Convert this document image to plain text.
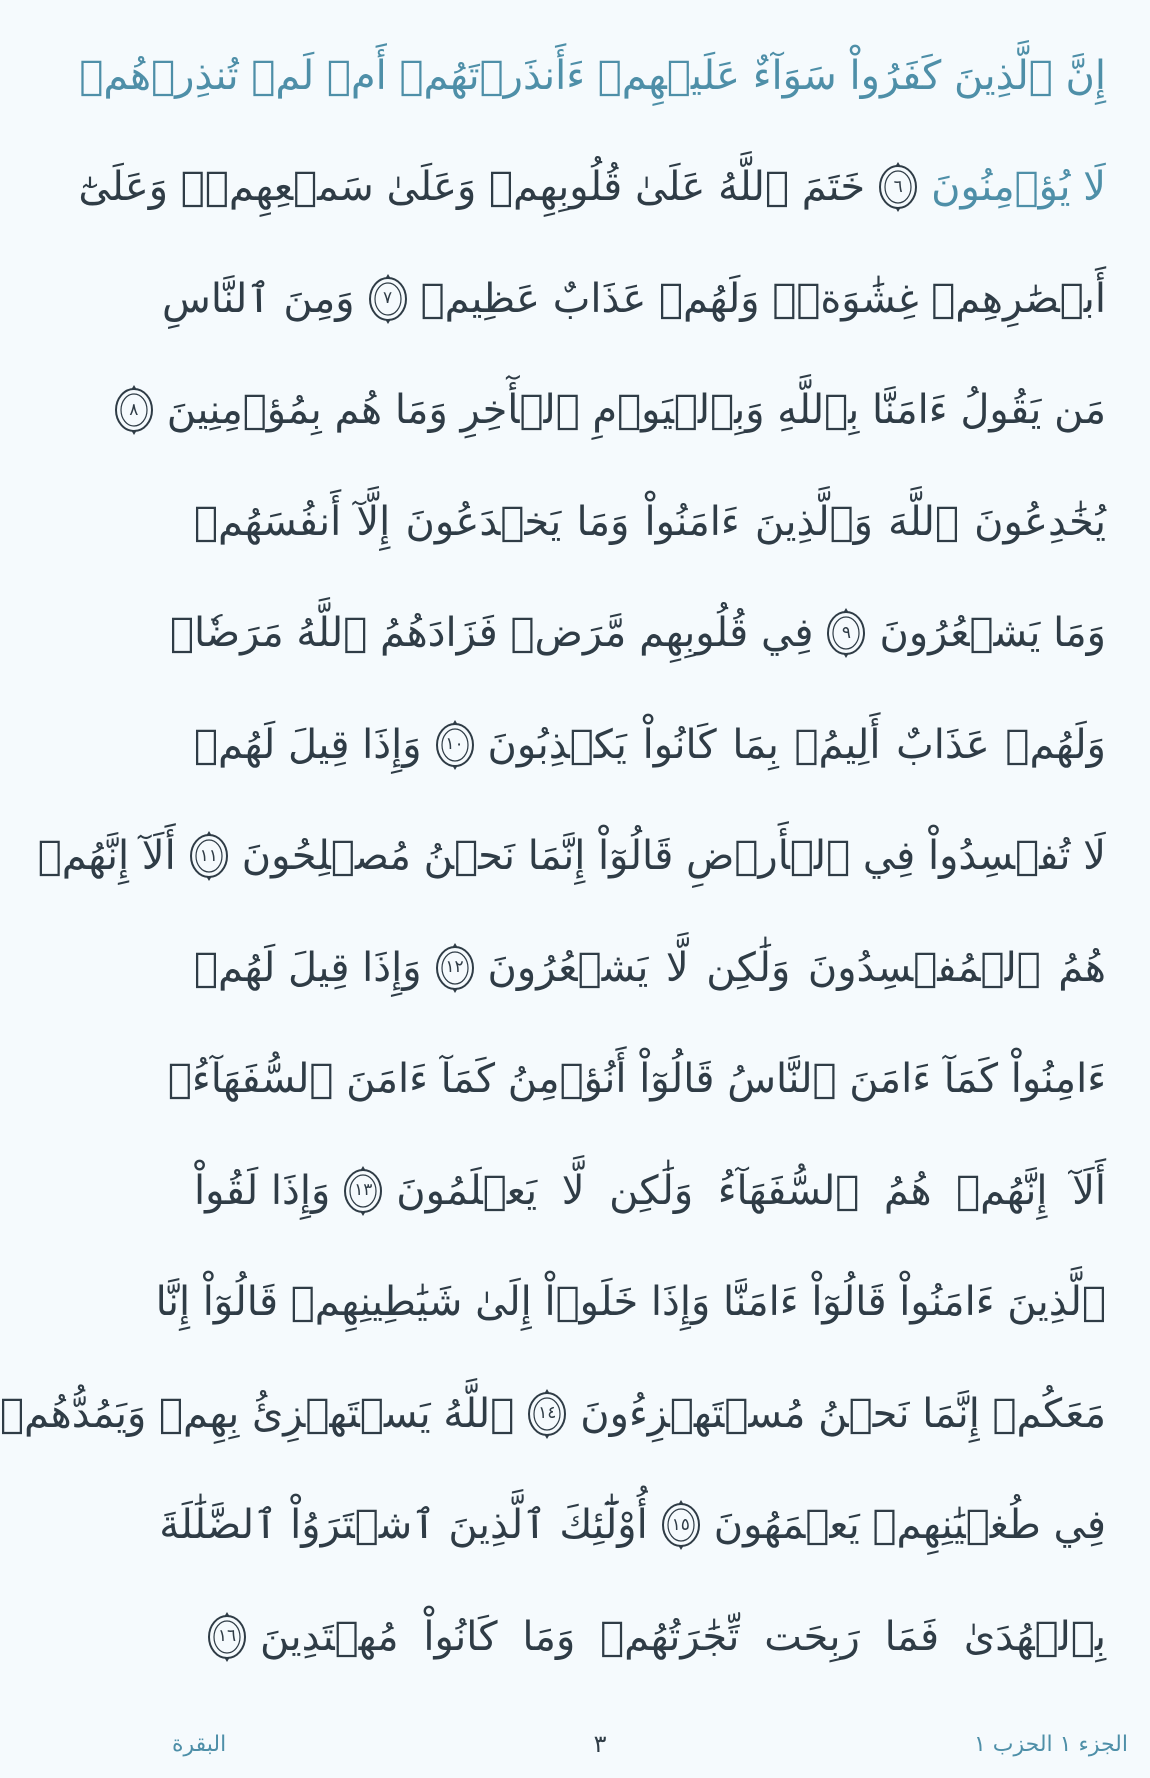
إِنَّ ٱلَّذِينَ كَفَرُواْ سَوَآءٌ عَلَيۡهِمۡ ءَأَنذَرۡتَهُمۡ أَمۡ لَمۡ تُنذِرۡهُمۡ
لَا يُؤۡمِنُونَ
٦
خَتَمَ ٱللَّهُ عَلَىٰ قُلُوبِهِمۡ وَعَلَىٰ سَمۡعِهِمۡۖ وَعَلَىٰٓ
أَبۡصَٰرِهِمۡ غِشَٰوَةٞۖ وَلَهُمۡ عَذَابٌ عَظِيمٞ
٧
وَمِنَ ٱلنَّاسِ
مَن يَقُولُ ءَامَنَّا بِٱللَّهِ وَبِٱلۡيَوۡمِ ٱلۡأٓخِرِ وَمَا هُم بِمُؤۡمِنِينَ
٨
يُخَٰدِعُونَ ٱللَّهَ وَٱلَّذِينَ ءَامَنُواْ وَمَا يَخۡدَعُونَ إِلَّآ أَنفُسَهُمۡ
وَمَا يَشۡعُرُونَ
٩
فِي قُلُوبِهِم مَّرَضٞ فَزَادَهُمُ ٱللَّهُ مَرَضٗاۖ
وَلَهُمۡ عَذَابٌ أَلِيمُۢ بِمَا كَانُواْ يَكۡذِبُونَ
١٠
وَإِذَا قِيلَ لَهُمۡ
لَا تُفۡسِدُواْ فِي ٱلۡأَرۡضِ قَالُوٓاْ إِنَّمَا نَحۡنُ مُصۡلِحُونَ
١١
أَلَآ إِنَّهُمۡ
هُمُ ٱلۡمُفۡسِدُونَ وَلَٰكِن لَّا يَشۡعُرُونَ
١٢
وَإِذَا قِيلَ لَهُمۡ
ءَامِنُواْ كَمَآ ءَامَنَ ٱلنَّاسُ قَالُوٓاْ أَنُؤۡمِنُ كَمَآ ءَامَنَ ٱلسُّفَهَآءُۗ
أَلَآ إِنَّهُمۡ هُمُ ٱلسُّفَهَآءُ وَلَٰكِن لَّا يَعۡلَمُونَ
١٣
وَإِذَا لَقُواْ
ٱلَّذِينَ ءَامَنُواْ قَالُوٓاْ ءَامَنَّا وَإِذَا خَلَوۡاْ إِلَىٰ شَيَٰطِينِهِمۡ قَالُوٓاْ إِنَّا
مَعَكُمۡ إِنَّمَا نَحۡنُ مُسۡتَهۡزِءُونَ
١٤
ٱللَّهُ يَسۡتَهۡزِئُ بِهِمۡ وَيَمُدُّهُمۡ
فِي طُغۡيَٰنِهِمۡ يَعۡمَهُونَ
١٥
أُوْلَٰٓئِكَ ٱلَّذِينَ ٱشۡتَرَوُاْ ٱلضَّلَٰلَةَ
بِٱلۡهُدَىٰ فَمَا رَبِحَت تِّجَٰرَتُهُمۡ وَمَا كَانُواْ مُهۡتَدِينَ
١٦
الجزء ١ الحزب ١
٣
البقرة
